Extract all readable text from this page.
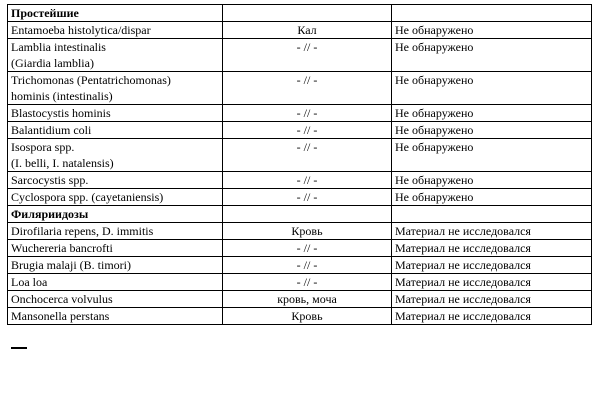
Простейшие		
Entamoeba histolytica/dispar	Кал	Не обнаружено
Lamblia intestinalis
(Giardia lamblia)	- // -	Не обнаружено
Trichomonas (Pentatrichomonas)
hominis (intestinalis)	- // -	Не обнаружено
Blastocystis hominis	- // -	Не обнаружено
Balantidium coli	- // -	Не обнаружено
Isospora spp.
(I. belli, I. natalensis)	- // -	Не обнаружено
Sarcocystis spp.	- // -	Не обнаружено
Cyclospora spp. (cayetaniensis)	- // -	Не обнаружено
Филяриидозы		
Dirofilaria repens, D. immitis	Кровь	Материал не исследовался
Wuchereria bancrofti	- // -	Материал не исследовался
Brugia malaji (B. timori)	- // -	Материал не исследовался
Loa loa	- // -	Материал не исследовался
Onchocerca volvulus	кровь, моча	Материал не исследовался
Mansonella perstans	Кровь	Материал не исследовался
